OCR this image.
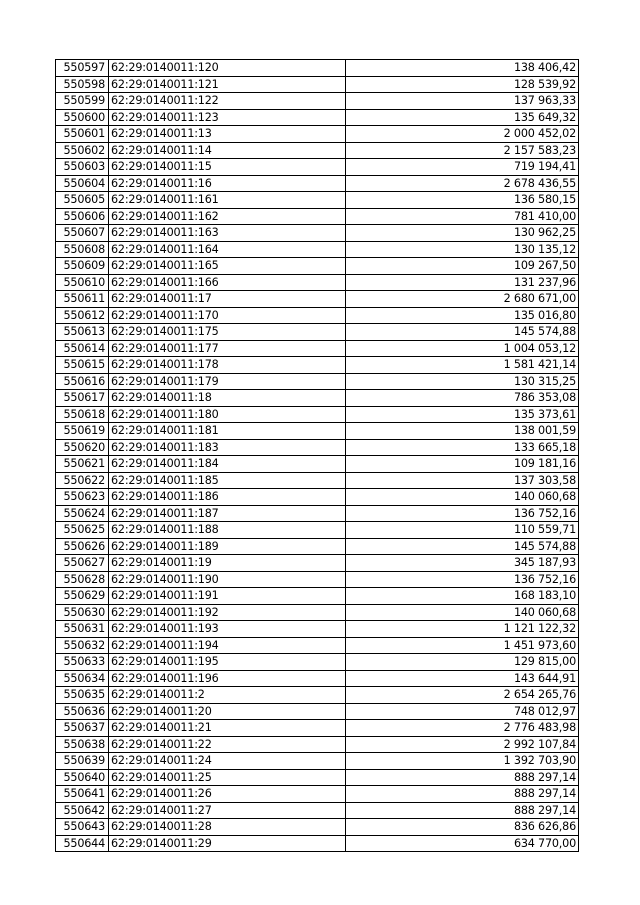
550597	62:29:0140011:120	138 406,42
550598	62:29:0140011:121	128 539,92
550599	62:29:0140011:122	137 963,33
550600	62:29:0140011:123	135 649,32
550601	62:29:0140011:13	2 000 452,02
550602	62:29:0140011:14	2 157 583,23
550603	62:29:0140011:15	719 194,41
550604	62:29:0140011:16	2 678 436,55
550605	62:29:0140011:161	136 580,15
550606	62:29:0140011:162	781 410,00
550607	62:29:0140011:163	130 962,25
550608	62:29:0140011:164	130 135,12
550609	62:29:0140011:165	109 267,50
550610	62:29:0140011:166	131 237,96
550611	62:29:0140011:17	2 680 671,00
550612	62:29:0140011:170	135 016,80
550613	62:29:0140011:175	145 574,88
550614	62:29:0140011:177	1 004 053,12
550615	62:29:0140011:178	1 581 421,14
550616	62:29:0140011:179	130 315,25
550617	62:29:0140011:18	786 353,08
550618	62:29:0140011:180	135 373,61
550619	62:29:0140011:181	138 001,59
550620	62:29:0140011:183	133 665,18
550621	62:29:0140011:184	109 181,16
550622	62:29:0140011:185	137 303,58
550623	62:29:0140011:186	140 060,68
550624	62:29:0140011:187	136 752,16
550625	62:29:0140011:188	110 559,71
550626	62:29:0140011:189	145 574,88
550627	62:29:0140011:19	345 187,93
550628	62:29:0140011:190	136 752,16
550629	62:29:0140011:191	168 183,10
550630	62:29:0140011:192	140 060,68
550631	62:29:0140011:193	1 121 122,32
550632	62:29:0140011:194	1 451 973,60
550633	62:29:0140011:195	129 815,00
550634	62:29:0140011:196	143 644,91
550635	62:29:0140011:2	2 654 265,76
550636	62:29:0140011:20	748 012,97
550637	62:29:0140011:21	2 776 483,98
550638	62:29:0140011:22	2 992 107,84
550639	62:29:0140011:24	1 392 703,90
550640	62:29:0140011:25	888 297,14
550641	62:29:0140011:26	888 297,14
550642	62:29:0140011:27	888 297,14
550643	62:29:0140011:28	836 626,86
550644	62:29:0140011:29	634 770,00
